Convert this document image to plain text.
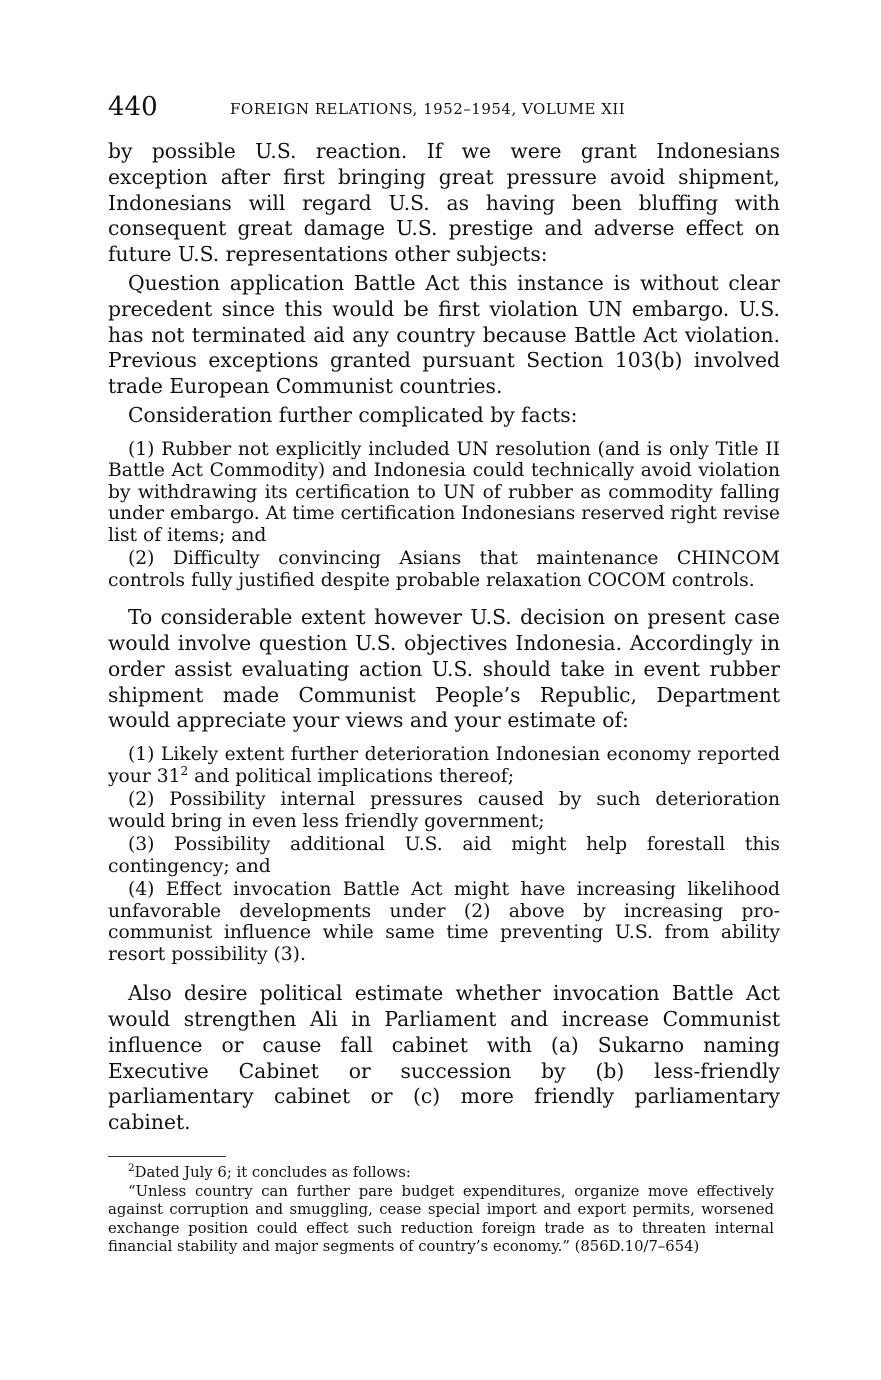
440	FOREIGN RELATIONS, 1952–1954, VOLUME XII

by possible U.S. reaction. If we were grant Indonesians exception after first bringing great pressure avoid shipment, Indonesians will regard U.S. as having been bluffing with consequent great damage U.S. prestige and adverse effect on future U.S. representations other subjects:

Question application Battle Act this instance is without clear precedent since this would be first violation UN embargo. U.S. has not terminated aid any country because Battle Act violation. Previous exceptions granted pursuant Section 103(b) involved trade European Communist countries.

Consideration further complicated by facts:

(1) Rubber not explicitly included UN resolution (and is only Title II Battle Act Commodity) and Indonesia could technically avoid violation by withdrawing its certification to UN of rubber as commodity falling under embargo. At time certification Indonesians reserved right revise list of items; and

(2) Difficulty convincing Asians that maintenance CHINCOM controls fully justified despite probable relaxation COCOM controls.

To considerable extent however U.S. decision on present case would involve question U.S. objectives Indonesia. Accordingly in order assist evaluating action U.S. should take in event rubber shipment made Communist People’s Republic, Department would appreciate your views and your estimate of:

(1) Likely extent further deterioration Indonesian economy reported your $31^2$ and political implications thereof;

(2) Possibility internal pressures caused by such deterioration would bring in even less friendly government;

(3) Possibility additional U.S. aid might help forestall this contingency; and

(4) Effect invocation Battle Act might have increasing likelihood unfavorable developments under (2) above by increasing pro-communist influence while same time preventing U.S. from ability resort possibility (3).

Also desire political estimate whether invocation Battle Act would strengthen Ali in Parliament and increase Communist influence or cause fall cabinet with (a) Sukarno naming Executive Cabinet or succession by (b) less-friendly parliamentary cabinet or (c) more friendly parliamentary cabinet.

$^2$Dated July 6; it concludes as follows:

“Unless country can further pare budget expenditures, organize move effectively against corruption and smuggling, cease special import and export permits, worsened exchange position could effect such reduction foreign trade as to threaten internal financial stability and major segments of country’s economy.” (856D.10/7–654)
